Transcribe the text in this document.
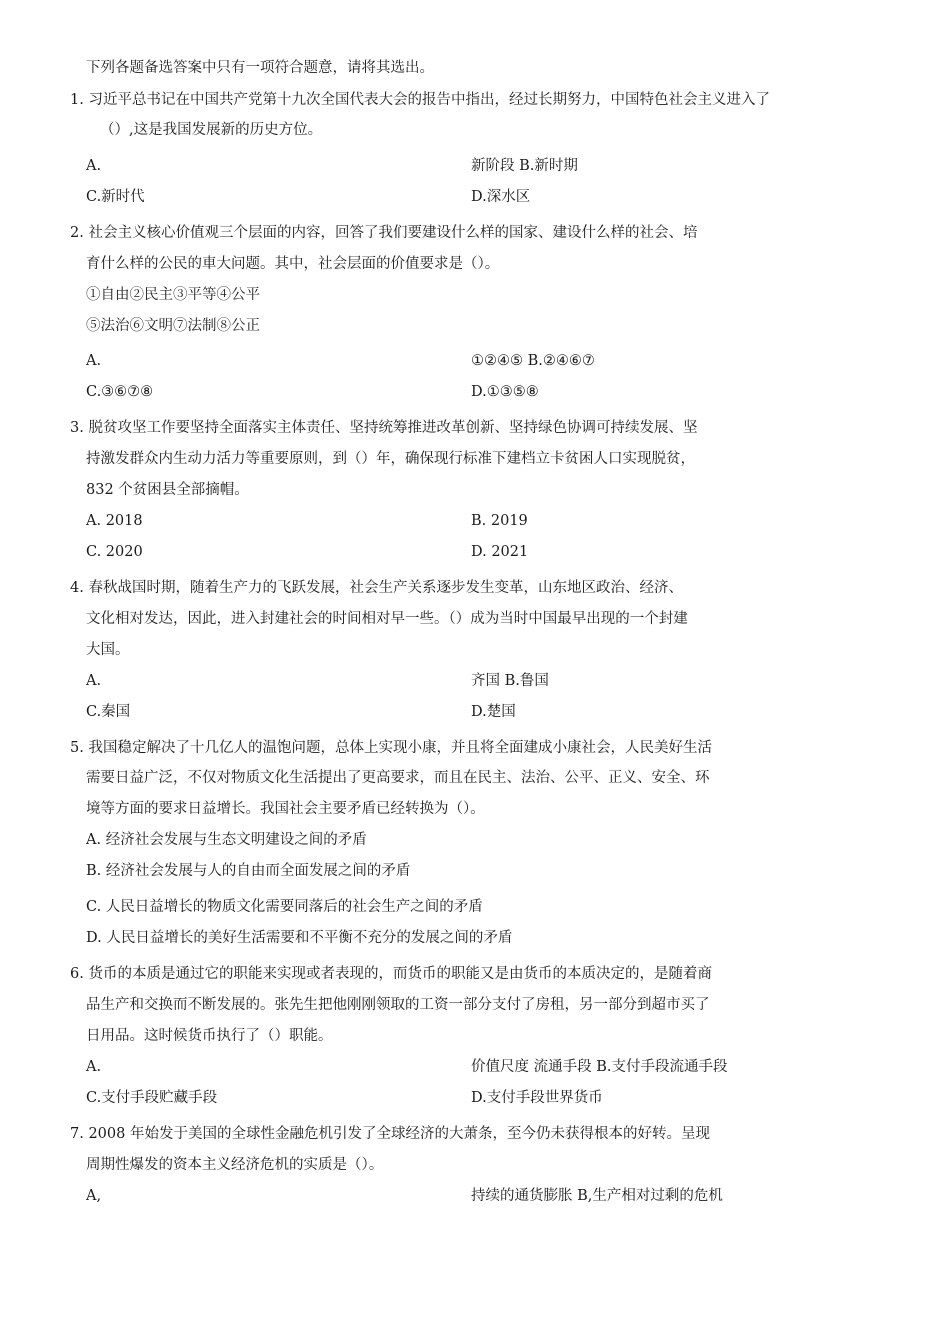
下列各题备选答案中只有一项符合题意，请将其选出。
1. 习近平总书记在中国共产党第十九次全国代表大会的报告中指出，经过长期努力，中国特色社会主义进入了
（）,这是我国发展新的历史方位。
A.	新阶段 B.新时期
C.新时代	D.深水区
2. 社会主义核心价值观三个层面的内容，回答了我们要建设什么样的国家、建设什么样的社会、培
育什么样的公民的車大问题。其中，社会层面的价值要求是（）。
①自由②民主③平等④公平
⑤法治⑥文明⑦法制⑧公正
A.	①②④⑤ B.②④⑥⑦
C.③⑥⑦⑧	D.①③⑤⑧
3. 脱贫攻坚工作要坚持全面落实主体责任、坚持统筹推进改革创新、坚持绿色协调可持续发展、坚
持激发群众内生动力活力等重要原则，到（）年，确保现行标准下建档立卡贫困人口实现脱贫，
832 个贫困县全部摘帽。
A. 2018	B. 2019
C. 2020	D. 2021
4. 春秋战国时期，随着生产力的飞跃发展，社会生产关系逐步发生变革，山东地区政治、经济、
文化相对发达，因此，进入封建社会的时间相对早一些。（）成为当时中国最早出现的一个封建
大国。
A.	齐国 B.鲁国
C.秦国	D.楚国
5. 我国稳定解决了十几亿人的温饱问题，总体上实现小康，并且将全面建成小康社会，人民美好生活
需要日益广泛，不仅对物质文化生活提出了更高要求，而且在民主、法治、公平、正义、安全、环
境等方面的要求日益增长。我国社会主要矛盾已经转换为（）。
A. 经济社会发展与生态文明建设之间的矛盾
B. 经济社会发展与人的自由而全面发展之间的矛盾
C. 人民日益增长的物质文化需要同落后的社会生产之间的矛盾
D. 人民日益增长的美好生活需要和不平衡不充分的发展之间的矛盾
6. 货币的本质是通过它的职能来实现或者表现的，而货币的职能又是由货币的本质决定的，是随着商
品生产和交换而不断发展的。张先生把他刚刚领取的工资一部分支付了房租，另一部分到超市买了
日用品。这时候货币执行了（）职能。
A.	价值尺度 流通手段 B.支付手段流通手段
C.支付手段贮藏手段	D.支付手段世界货币
7. 2008 年始发于美国的全球性金融危机引发了全球经济的大萧条，至今仍未获得根本的好转。呈现
周期性爆发的资本主义经济危机的实质是（）。
A,	持续的通货膨胀 B,生产相对过剩的危机
